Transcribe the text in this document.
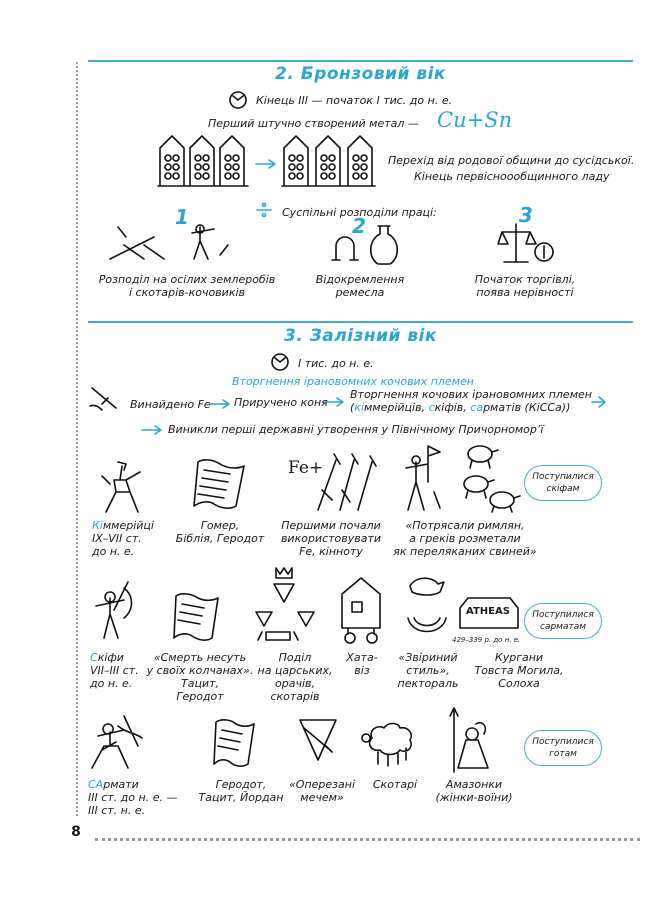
8
2. Бронзовий вік
Кінець III — початок I тис. до н. е.
Перший штучно створений метал — Cu+Sn
Перехід від родової общини до сусідської.
Кінець первісноообщинного ладу
Суспільні розподіли праці:
1	2	3
Розподіл на осілих землеробів
і скотарів-кочовиків
Відокремлення
ремесла
Початок торгівлі,
поява нерівності
3. Залізний вік
I тис. до н. е.
Вторгнення ірановомних кочових племен
Винайдено Fe Приручено коня
Вторгнення кочових ірановомних племен
(кіммерійців, скіфів, сарматів (КіСCа))
Виникли перші державні утворення у Північному Причорномор’ї
Fe+	Поступилися скіфам
Кіммерійці
IX–VII ст.
до н. е.
Гомер,
Біблія, Геродот
Першими почали
використовувати
Fe, кінноту
«Потрясали римлян,
а греків розметали
як переляканих свиней»
ATHEAS
429–339 р. до н. е.
Поступилися сарматам
Скіфи
VII–III ст.
до н. е.
«Смерть несуть
у своїх колчанах».
Тацит,
Геродот
Поділ
на царських,
орачів,
скотарів
Хата-
віз
«Звіриний
стиль»,
пектораль
Кургани
Товста Могила,
Солоха
Поступилися готам
САрмати
III ст. до н. е. —
III ст. н. е.
Геродот,
Тацит, Йордан
«Оперезані
мечем»
Скотарі	Амазонки
(жінки-воїни)
